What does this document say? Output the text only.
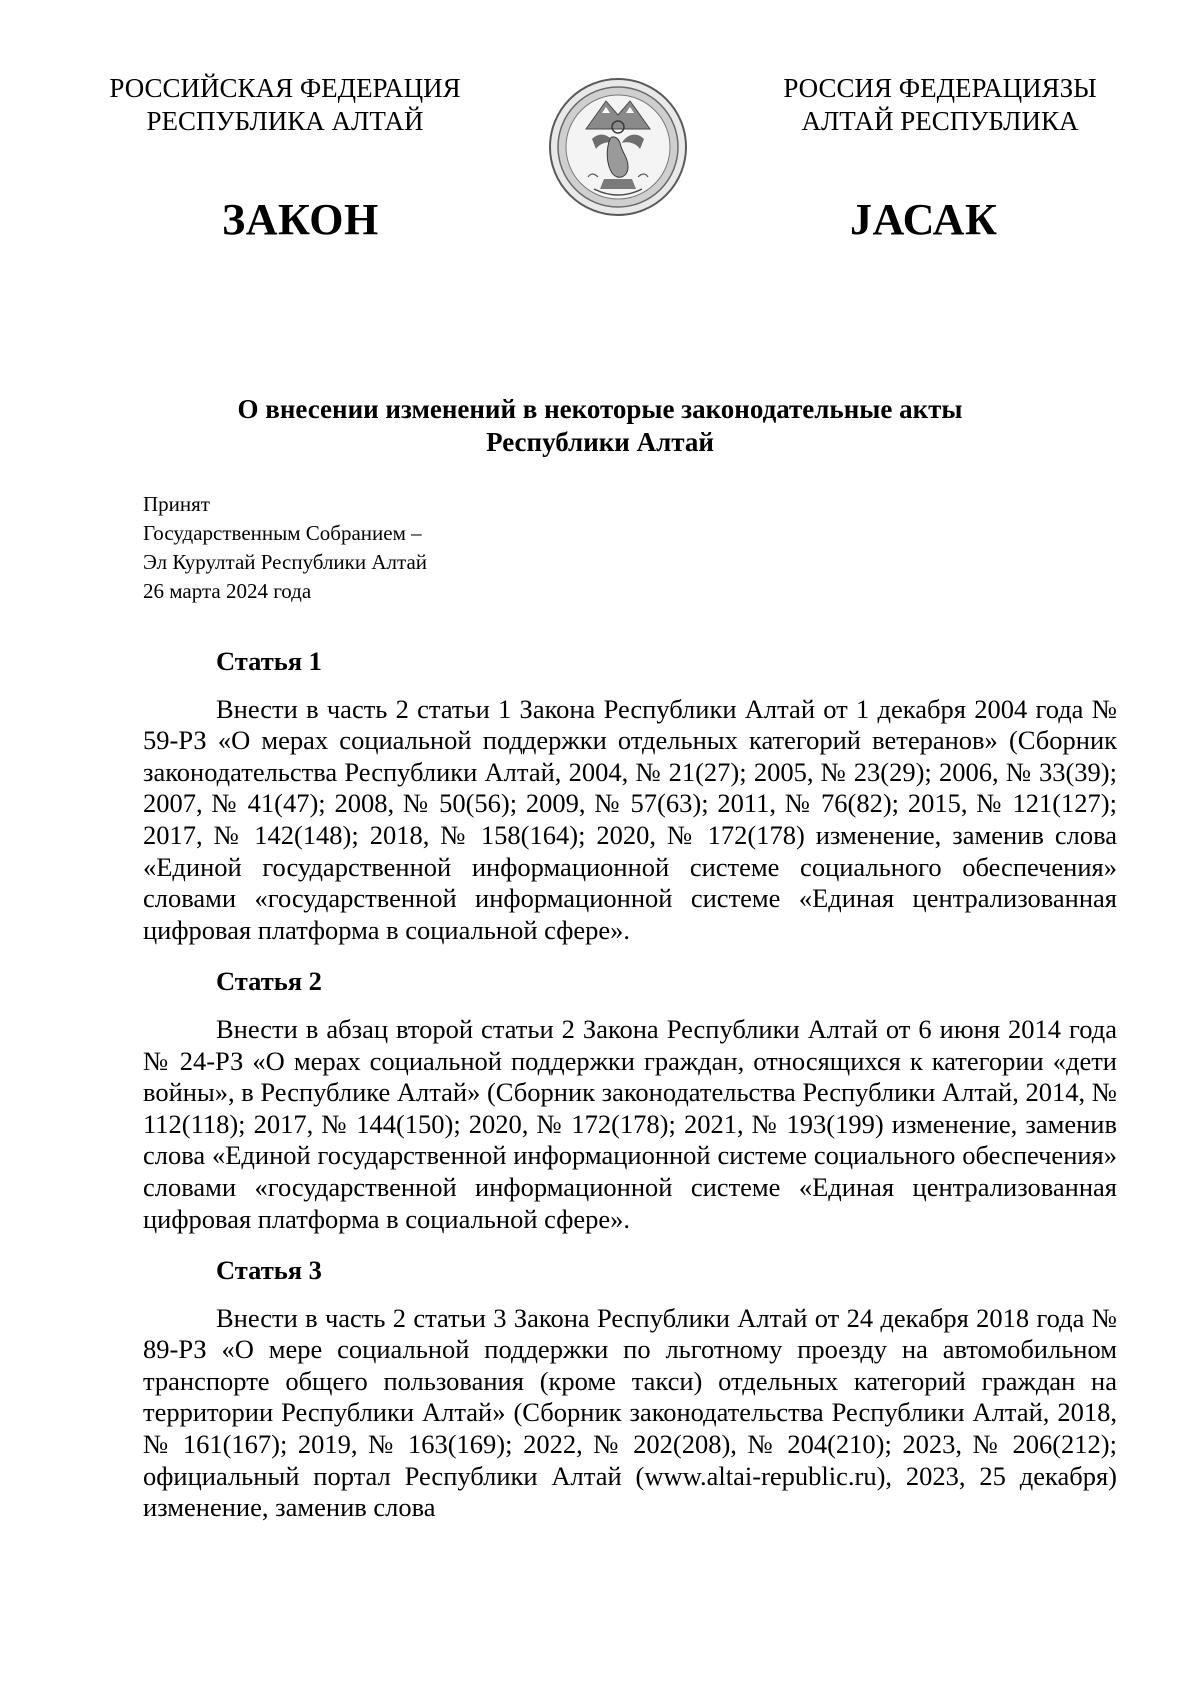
РОССИЙСКАЯ ФЕДЕРАЦИЯ
РЕСПУБЛИКА АЛТАЙ
РОССИЯ ФЕДЕРАЦИЯЗЫ
АЛТАЙ РЕСПУБЛИКА
ЗАКОН	JАСАК
О внесении изменений в некоторые законодательные акты
Республики Алтай
Принят
Государственным Собранием –
Эл Курултай Республики Алтай
26 марта 2024 года
Статья 1

Внести в часть 2 статьи 1 Закона Республики Алтай от 1 декабря 2004 года № 59-РЗ «О мерах социальной поддержки отдельных категорий ветеранов» (Сборник законодательства Республики Алтай, 2004, № 21(27); 2005, № 23(29); 2006, № 33(39); 2007, № 41(47); 2008, № 50(56); 2009, № 57(63); 2011, № 76(82); 2015, № 121(127); 2017, № 142(148); 2018, № 158(164); 2020, № 172(178) изменение, заменив слова «Единой государственной информационной системе социального обеспечения» словами «государственной информационной системе «Единая централизованная цифровая платформа в социальной сфере».

Статья 2

Внести в абзац второй статьи 2 Закона Республики Алтай от 6 июня 2014 года № 24-РЗ «О мерах социальной поддержки граждан, относящихся к категории «дети войны», в Республике Алтай» (Сборник законодательства Республики Алтай, 2014, № 112(118); 2017, № 144(150); 2020, № 172(178); 2021, № 193(199) изменение, заменив слова «Единой государственной информационной системе социального обеспечения» словами «государственной информационной системе «Единая централизованная цифровая платформа в социальной сфере».

Статья 3

Внести в часть 2 статьи 3 Закона Республики Алтай от 24 декабря 2018 года № 89-РЗ «О мере социальной поддержки по льготному проезду на автомобильном транспорте общего пользования (кроме такси) отдельных категорий граждан на территории Республики Алтай» (Сборник законодательства Республики Алтай, 2018, № 161(167); 2019, № 163(169); 2022, № 202(208), № 204(210); 2023, № 206(212); официальный портал Республики Алтай (www.altai-republic.ru), 2023, 25 декабря) изменение, заменив слова
